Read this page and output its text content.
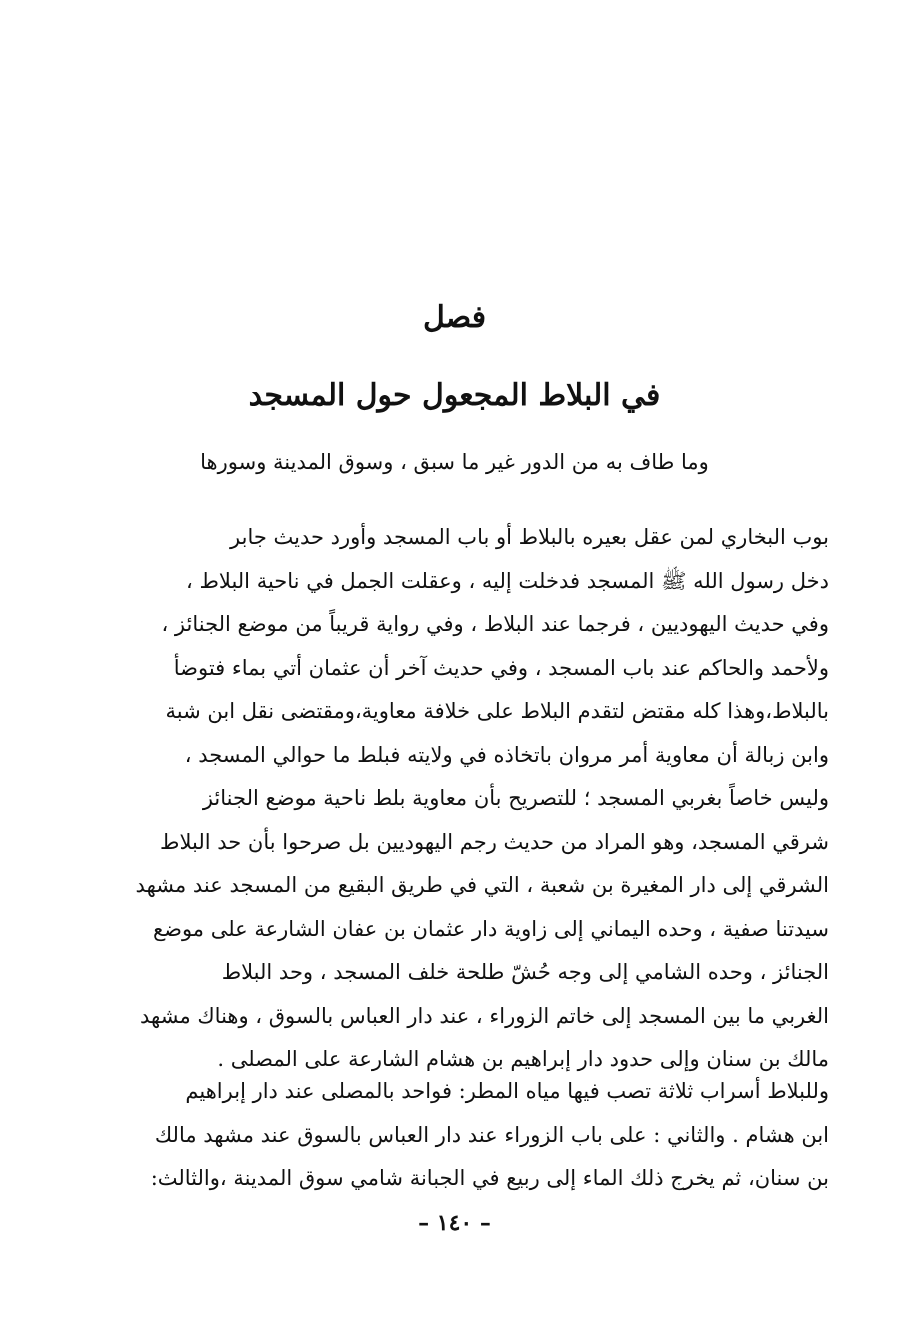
فصل
في البلاط المجعول حول المسجد
وما طاف به من الدور غير ما سبق ، وسوق المدينة وسورها
بوب البخاري لمن عقل بعيره بالبلاط أو باب المسجد وأورد حديث جابر
دخل رسول الله ﷺ المسجد فدخلت إليه ، وعقلت الجمل في ناحية البلاط ،
وفي حديث اليهوديين ، فرجما عند البلاط ، وفي رواية قريباً من موضع الجنائز ،
ولأحمد والحاكم عند باب المسجد ، وفي حديث آخر أن عثمان أتي بماء فتوضأ
بالبلاط،وهذا كله مقتض لتقدم البلاط على خلافة معاوية،ومقتضى نقل ابن شبة
وابن زبالة أن معاوية أمر مروان باتخاذه في ولايته فبلط ما حوالي المسجد ،
وليس خاصاً بغربي المسجد ؛ للتصريح بأن معاوية بلط ناحية موضع الجنائز
شرقي المسجد، وهو المراد من حديث رجم اليهوديين بل صرحوا بأن حد البلاط
الشرقي إلى دار المغيرة بن شعبة ، التي في طريق البقيع من المسجد عند مشهد
سيدتنا صفية ، وحده اليماني إلى زاوية دار عثمان بن عفان الشارعة على موضع
الجنائز ، وحده الشامي إلى وجه حُشّ طلحة خلف المسجد ، وحد البلاط
الغربي ما بين المسجد إلى خاتم الزوراء ، عند دار العباس بالسوق ، وهناك مشهد
مالك بن سنان وإلى حدود دار إبراهيم بن هشام الشارعة على المصلى .
وللبلاط أسراب ثلاثة تصب فيها مياه المطر: فواحد بالمصلى عند دار إبراهيم
ابن هشام . والثاني : على باب الزوراء عند دار العباس بالسوق عند مشهد مالك
بن سنان، ثم يخرج ذلك الماء إلى ربيع في الجبانة شامي سوق المدينة ،والثالث:
– ١٤٠ –
